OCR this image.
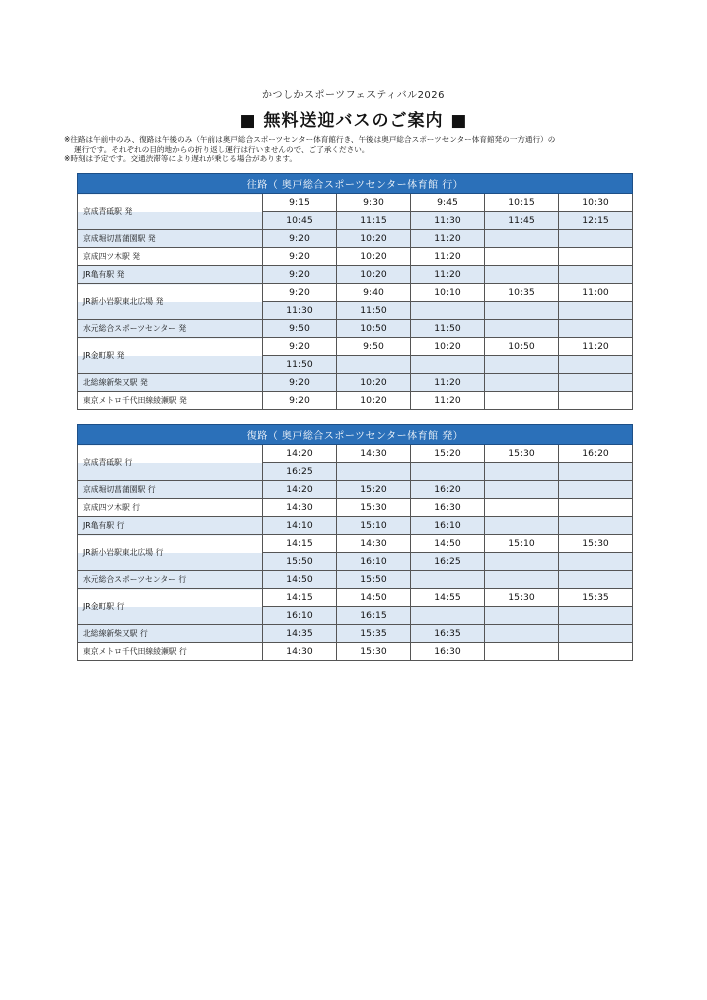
かつしかスポーツフェスティバル2026
■ 無料送迎バスのご案内 ■
※往路は午前中のみ、復路は午後のみ（午前は奥戸総合スポーツセンター体育館行き、午後は奥戸総合スポーツセンター体育館発の一方通行）の
運行です。それぞれの目的地からの折り返し運行は行いませんので、ご了承ください。
※時刻は予定です。交通渋滞等により遅れが乗じる場合があります。
往路（ 奥戸総合スポーツセンター体育館 行）					
京成青砥駅 発	9:15	9:30	9:45	10:15	10:30
	10:45	11:15	11:30	11:45	12:15
京成堀切菖蒲園駅 発	9:20	10:20	11:20		
京成四ツ木駅 発	9:20	10:20	11:20		
JR亀有駅 発	9:20	10:20	11:20		
JR新小岩駅東北広場 発	9:20	9:40	10:10	10:35	11:00
	11:30	11:50			
水元総合スポーツセンター 発	9:50	10:50	11:50		
JR金町駅 発	9:20	9:50	10:20	10:50	11:20
	11:50				
北総線新柴又駅 発	9:20	10:20	11:20		
東京メトロ千代田線綾瀬駅 発	9:20	10:20	11:20		
復路（ 奥戸総合スポーツセンター体育館 発）					
京成青砥駅 行	14:20	14:30	15:20	15:30	16:20
	16:25				
京成堀切菖蒲園駅 行	14:20	15:20	16:20		
京成四ツ木駅 行	14:30	15:30	16:30		
JR亀有駅 行	14:10	15:10	16:10		
JR新小岩駅東北広場 行	14:15	14:30	14:50	15:10	15:30
	15:50	16:10	16:25		
水元総合スポーツセンター 行	14:50	15:50			
JR金町駅 行	14:15	14:50	14:55	15:30	15:35
	16:10	16:15			
北総線新柴又駅 行	14:35	15:35	16:35		
東京メトロ千代田線綾瀬駅 行	14:30	15:30	16:30		
